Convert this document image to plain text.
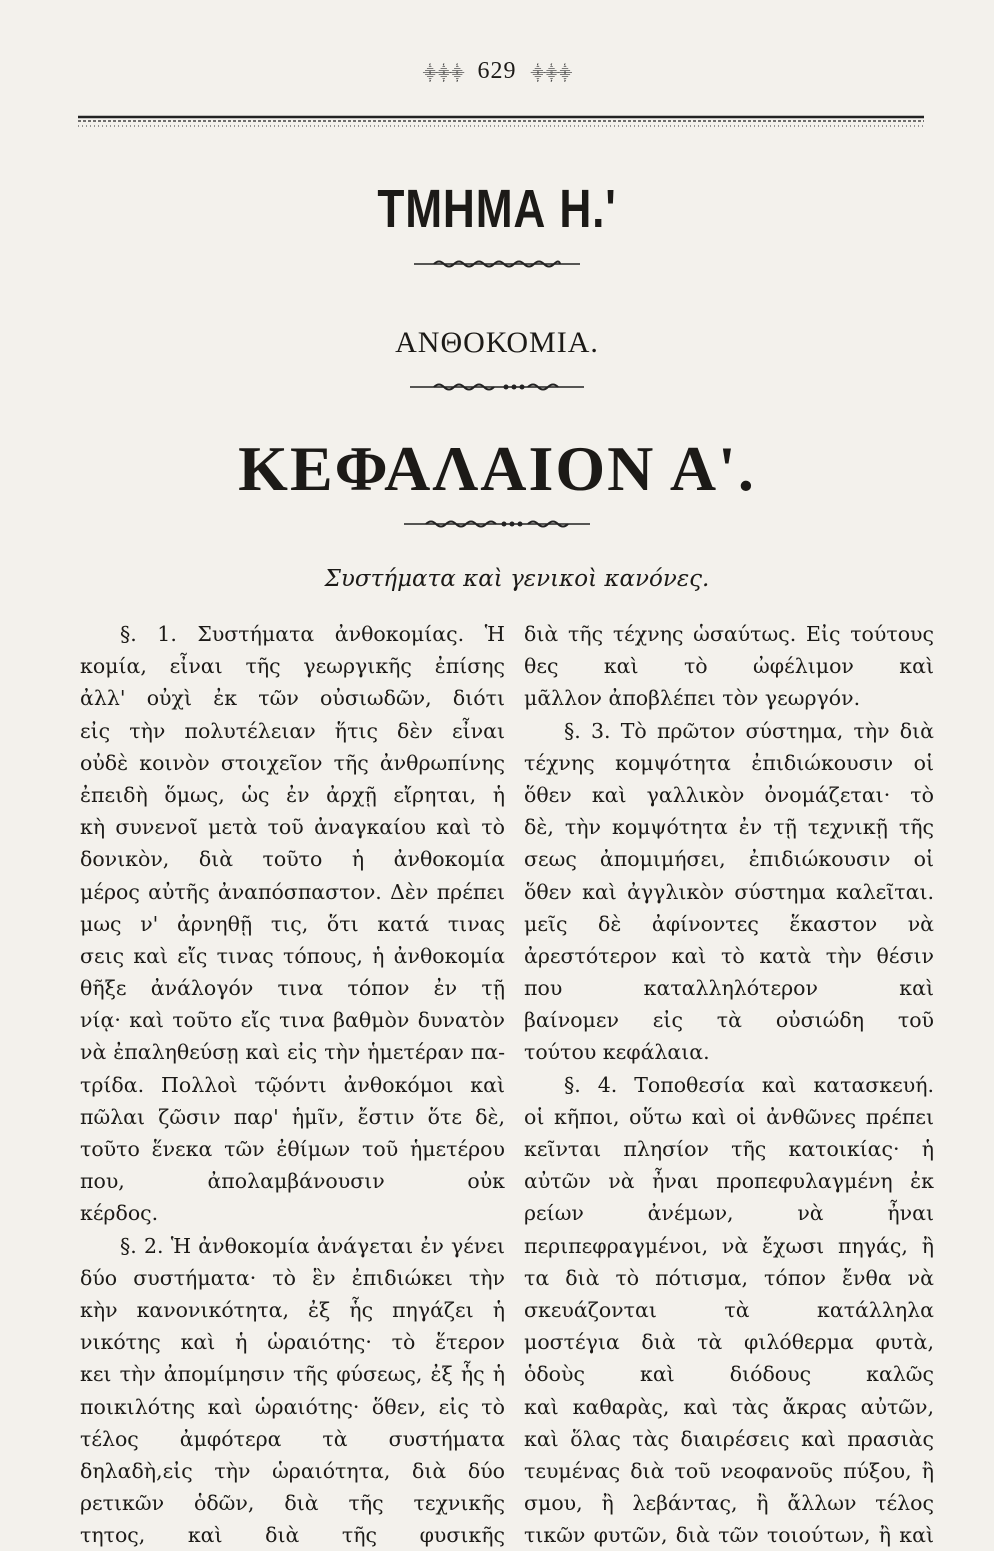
⸎⸎⸎ 629 ⸎⸎⸎
ΤΜΗΜΑ Η.'
ΑΝΘΟΚΟΜΙΑ.
ΚΕΦΑΛΑΙΟΝ Α'.
Συστήματα καὶ γενικοὶ κανόνες.
§. 1. Συστήματα ἀνθοκομίας. Ἡ
κομία, εἶναι τῆς γεωργικῆς ἐπίσης
ἀλλ' οὐχὶ ἐκ τῶν οὐσιωδῶν, διότι
εἰς τὴν πολυτέλειαν ἥτις δὲν εἶναι
οὐδὲ κοινὸν στοιχεῖον τῆς ἀνθρωπίνης
ἐπειδὴ ὅμως, ὡς ἐν ἀρχῇ εἴρηται, ἡ
κὴ συνενοῖ μετὰ τοῦ ἀναγκαίου καὶ τὸ
δονικὸν, διὰ τοῦτο ἡ ἀνθοκομία
μέρος αὐτῆς ἀναπόσπαστον. Δὲν πρέπει
μως ν' ἀρνηθῇ τις, ὅτι κατά τινας
σεις καὶ εἴς τινας τόπους, ἡ ἀνθοκομία
θῆξε ἀνάλογόν τινα τόπον ἐν τῇ
νίᾳ· καὶ τοῦτο εἴς τινα βαθμὸν δυνατὸν
νὰ ἐπαληθεύσῃ καὶ εἰς τὴν ἡμετέραν πα-
τρίδα. Πολλοὶ τῷόντι ἀνθοκόμοι καὶ
πῶλαι ζῶσιν παρ' ἡμῖν, ἔστιν ὅτε δὲ,
τοῦτο ἕνεκα τῶν ἐθίμων τοῦ ἡμετέρου
που, ἀπολαμβάνουσιν οὐκ
κέρδος.
§. 2. Ἡ ἀνθοκομία ἀνάγεται ἐν γένει
δύο συστήματα· τὸ ἓν ἐπιδιώκει τὴν
κὴν κανονικότητα, ἐξ ἧς πηγάζει ἡ
νικότης καὶ ἡ ὡραιότης· τὸ ἕτερον
κει τὴν ἀπομίμησιν τῆς φύσεως, ἐξ ἧς ἡ
ποικιλότης καὶ ὡραιότης· ὅθεν, εἰς τὸ
τέλος ἀμφότερα τὰ συστήματα
δηλαδὴ,εἰς τὴν ὡραιότητα, διὰ δύο
ρετικῶν ὁδῶν, διὰ τῆς τεχνικῆς
τητος, καὶ διὰ τῆς φυσικῆς
διὰ τῆς τέχνης ὡσαύτως. Εἰς τούτους
θες καὶ τὸ ὠφέλιμον καὶ
μᾶλλον ἀποβλέπει τὸν γεωργόν.
§. 3. Τὸ πρῶτον σύστημα, τὴν διὰ
τέχνης κομψότητα ἐπιδιώκουσιν οἱ
ὅθεν καὶ γαλλικὸν ὀνομάζεται· τὸ
δὲ, τὴν κομψότητα ἐν τῇ τεχνικῇ τῆς
σεως ἀπομιμήσει, ἐπιδιώκουσιν οἱ
ὅθεν καὶ ἀγγλικὸν σύστημα καλεῖται.
μεῖς δὲ ἀφίνοντες ἕκαστον νὰ
ἀρεστότερον καὶ τὸ κατὰ τὴν θέσιν
που καταλληλότερον καὶ
βαίνομεν εἰς τὰ οὐσιώδη τοῦ
τούτου κεφάλαια.
§. 4. Τοποθεσία καὶ κατασκευή.
οἱ κῆποι, οὕτω καὶ οἱ ἀνθῶνες πρέπει
κεῖνται πλησίον τῆς κατοικίας· ἡ
αὐτῶν νὰ ἦναι προπεφυλαγμένη ἐκ
ρείων ἀνέμων, νὰ ἦναι
περιπεφραγμένοι, νὰ ἔχωσι πηγάς, ἢ
τα διὰ τὸ πότισμα, τόπον ἔνθα νὰ
σκευάζονται τὰ κατάλληλα
μοστέγια διὰ τὰ φιλόθερμα φυτὰ,
ὁδοὺς καὶ διόδους καλῶς
καὶ καθαρὰς, καὶ τὰς ἄκρας αὐτῶν,
καὶ ὅλας τὰς διαιρέσεις καὶ πρασιὰς
τευμένας διὰ τοῦ νεοφανοῦς πύξου, ἢ
σμου, ἢ λεβάντας, ἢ ἄλλων τέλος
τικῶν φυτῶν, διὰ τῶν τοιούτων, ἢ καὶ
